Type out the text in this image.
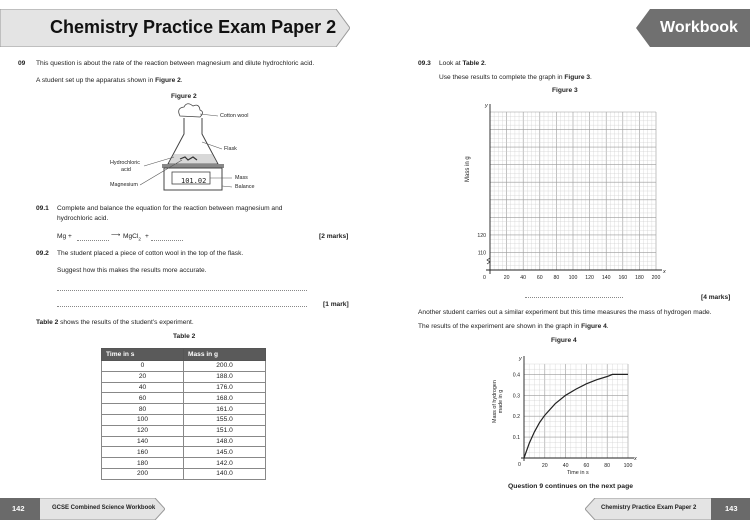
Chemistry Practice Exam Paper 2	Workbook
09 This question is about the rate of the reaction between magnesium and dilute hydrochloric acid.
A student set up the apparatus shown in Figure 2.
Figure 2
Cotton wool
Flask
Hydrochloric
acid
Magnesium
Mass
Balance
101.02
09.1 Complete and balance the equation for the reaction between magnesium and
hydrochloric acid.
Mg +	⟶ MgCl$_2$ +	[2 marks]
09.2 The student placed a piece of cotton wool in the top of the flask.
Suggest how this makes the results more accurate.
[1 mark]
Table 2 shows the results of the student’s experiment.
Table 2
Time in s	Mass in g
0	200.0
20	188.0
40	176.0
60	168.0
80	161.0
100	155.0
120	151.0
140	148.0
160	145.0
180	142.0
200	140.0
09.3 Look at Table 2.
Use these results to complete the graph in Figure 3.
Figure 3
y
x
0	20 40 60 80 100 120 140 160 180 200
110
120
Mass in g
[4 marks]
Another student carries out a similar experiment but this time measures the mass of hydrogen made.
The results of the experiment are shown in the graph in Figure 4.
Figure 4
y
x
0	20	40	60	80	100
0.1
0.2
0.3
0.4
Mass of hydrogen made in g
Time in s
Question 9 continues on the next page
142	GCSE Combined Science Workbook	Chemistry Practice Exam Paper 2	143
